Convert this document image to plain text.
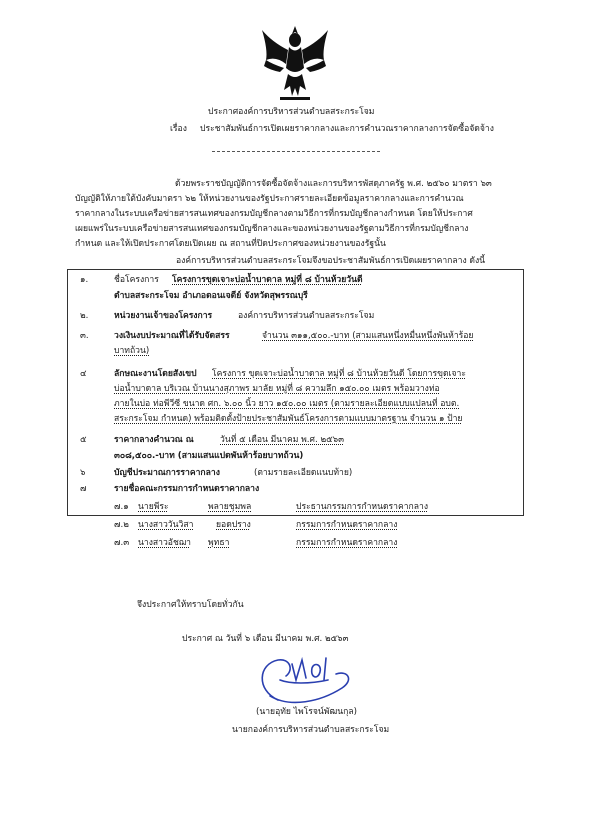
ประกาศองค์การบริหารส่วนตำบลสระกระโจม
เรื่อง ประชาสัมพันธ์การเปิดเผยราคากลางและการคำนวณราคากลางการจัดซื้อจัดจ้าง
ด้วยพระราชบัญญัติการจัดซื้อจัดจ้างและการบริหารพัสดุภาครัฐ พ.ศ. ๒๕๖๐ มาตรา ๖๓
บัญญัติให้ภายใต้บังคับมาตรา ๖๒ ให้หน่วยงานของรัฐประกาศรายละเอียดข้อมูลราคากลางและการคำนวณ
ราคากลางในระบบเครือข่ายสารสนเทศของกรมบัญชีกลางตามวิธีการที่กรมบัญชีกลางกำหนด โดยให้ประกาศ
เผยแพร่ในระบบเครือข่ายสารสนเทศของกรมบัญชีกลางและของหน่วยงานของรัฐตามวิธีการที่กรมบัญชีกลาง
กำหนด และให้เปิดประกาศโดยเปิดเผย ณ สถานที่ปิดประกาศของหน่วยงานของรัฐนั้น
องค์การบริหารส่วนตำบลสระกระโจมจึงขอประชาสัมพันธ์การเปิดเผยราคากลาง ดังนี้
๑.	ชื่อโครงการ โครงการขุดเจาะบ่อน้ำบาดาล หมู่ที่ ๘ บ้านห้วยวันดี
ตำบลสระกระโจม อำเภอดอนเจดีย์ จังหวัดสุพรรณบุรี
๒.	หน่วยงานเจ้าของโครงการ	องค์การบริหารส่วนตำบลสระกระโจม
๓.	วงเงินงบประมาณที่ได้รับจัดสรร	จำนวน ๓๑๑,๕๐๐.-บาท (สามแสนหนึ่งหมื่นหนึ่งพันห้าร้อย
บาทถ้วน)
๔	ลักษณะงานโดยสังเขป โครงการ ขุดเจาะบ่อน้ำบาดาล หมู่ที่ ๘ บ้านห้วยวันดี โดยการขุดเจาะ
บ่อน้ำบาดาล บริเวณ บ้านนางสุภาพร มาลัย หมู่ที่ ๘ ความลึก ๑๕๐.๐๐ เมตร พร้อมวางท่อ
ภายในบ่อ ท่อพีวีซี ขนาด ศก. ๖.๐๐ นิ้ว ยาว ๑๕๐.๐๐ เมตร (ตามรายละเอียดแบบแปลนที่ อบต.
สระกระโจม กำหนด) พร้อมติดตั้งป้ายประชาสัมพันธ์โครงการตามแบบมาตรฐาน จำนวน ๑ ป้าย
๕	ราคากลางคำนวณ ณ	วันที่ ๕ เดือน มีนาคม พ.ศ. ๒๕๖๓
๓๐๘,๕๐๐.-บาท (สามแสนแปดพันห้าร้อยบาทถ้วน)
๖	บัญชีประมาณการราคากลาง	(ตามรายละเอียดแนบท้าย)
๗	รายชื่อคณะกรรมการกำหนดราคากลาง
๗.๑ นายพีระ	พลายชุมพล	ประธานกรรมการกำหนดราคากลาง
๗.๒ นางสาววันวิสา	ยอดปราง	กรรมการกำหนดราคากลาง
๗.๓ นางสาวอัชฌา พุทธา	กรรมการกำหนดราคากลาง
จึงประกาศให้ทราบโดยทั่วกัน
ประกาศ ณ วันที่ ๖ เดือน มีนาคม พ.ศ. ๒๕๖๓
(นายอุทัย ไพโรจน์พัฒนกุล)
นายกองค์การบริหารส่วนตำบลสระกระโจม
